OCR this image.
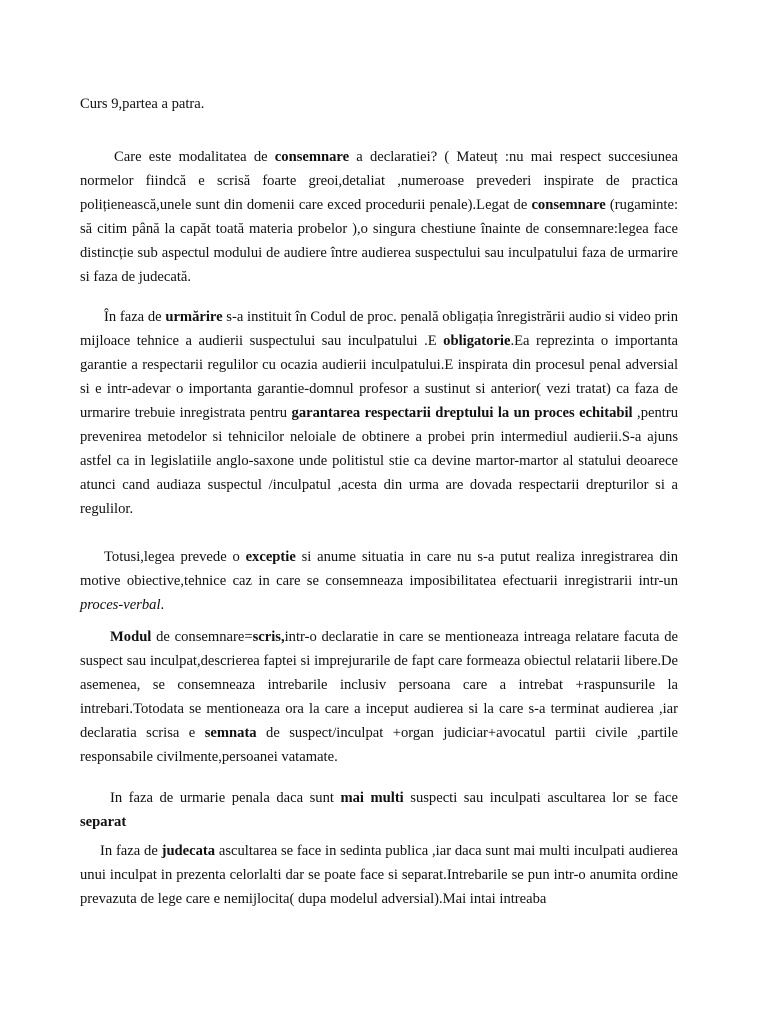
Curs 9,partea a patra.

Care este modalitatea de consemnare a declaratiei? ( Mateuț :nu mai respect succesiunea normelor fiindcă e scrisă foarte greoi,detaliat ,numeroase prevederi inspirate de practica polițienească,unele sunt din domenii care exced procedurii penale).Legat de consemnare (rugaminte: să citim până la capăt toată materia probelor ),o singura chestiune înainte de consemnare:legea face distincție sub aspectul modului de audiere între audierea suspectului sau inculpatului faza de urmarire si faza de judecată.

În faza de urmărire s-a instituit în Codul de proc. penală obligația înregistrării audio si video prin mijloace tehnice a audierii suspectului sau inculpatului .E obligatorie.Ea reprezinta o importanta garantie a respectarii regulilor cu ocazia audierii inculpatului.E inspirata din procesul penal adversial si e intr-adevar o importanta garantie-domnul profesor a sustinut si anterior( vezi tratat) ca faza de urmarire trebuie inregistrata pentru garantarea respectarii dreptului la un proces echitabil ,pentru prevenirea metodelor si tehnicilor neloiale de obtinere a probei prin intermediul audierii.S-a ajuns astfel ca in legislatiile anglo-saxone unde politistul stie ca devine martor-martor al statului deoarece atunci cand audiaza suspectul /inculpatul ,acesta din urma are dovada respectarii drepturilor si a regulilor.

Totusi,legea prevede o exceptie si anume situatia in care nu s-a putut realiza inregistrarea din motive obiective,tehnice caz in care se consemneaza imposibilitatea efectuarii inregistrarii intr-un proces-verbal.

Modul de consemnare=scris,intr-o declaratie in care se mentioneaza intreaga relatare facuta de suspect sau inculpat,descrierea faptei si imprejurarile de fapt care formeaza obiectul relatarii libere.De asemenea, se consemneaza intrebarile inclusiv persoana care a intrebat +raspunsurile la intrebari.Totodata se mentioneaza ora la care a inceput audierea si la care s-a terminat audierea ,iar declaratia scrisa e semnata de suspect/inculpat +organ judiciar+avocatul partii civile ,partile responsabile civilmente,persoanei vatamate.

In faza de urmarie penala daca sunt mai multi suspecti sau inculpati ascultarea lor se face separat

In faza de judecata ascultarea se face in sedinta publica ,iar daca sunt mai multi inculpati audierea unui inculpat in prezenta celorlalti dar se poate face si separat.Intrebarile se pun intr-o anumita ordine prevazuta de lege care e nemijlocita( dupa modelul adversial).Mai intai intreaba
